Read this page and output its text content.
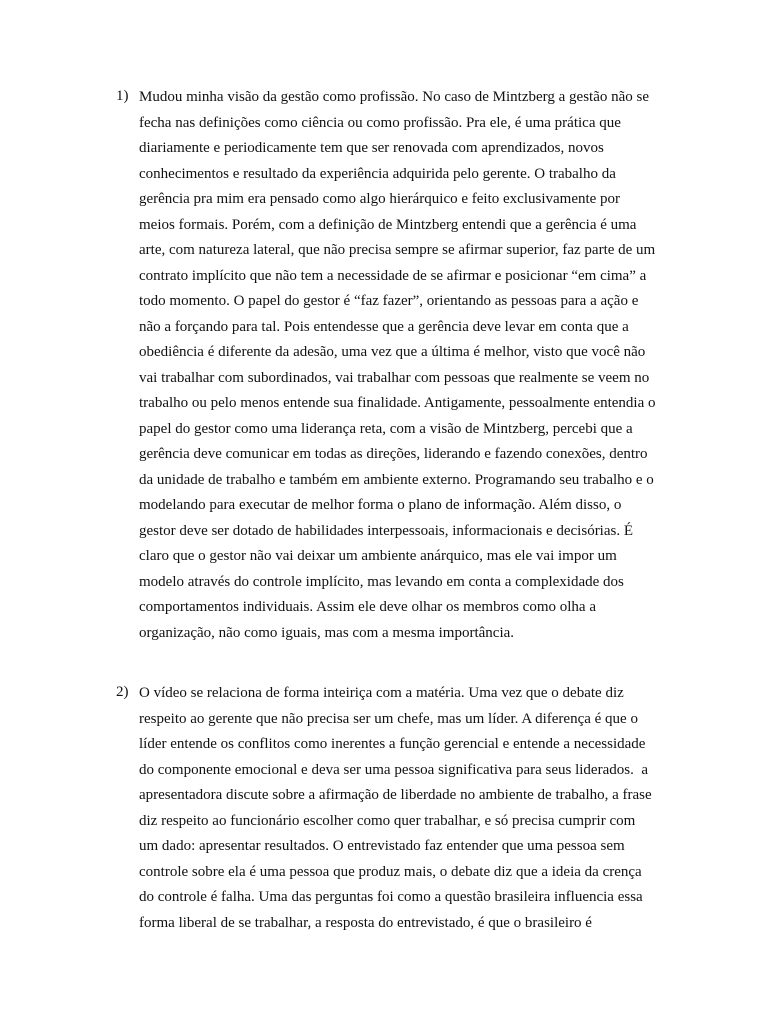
1) Mudou minha visão da gestão como profissão. No caso de Mintzberg a gestão não se
fecha nas definições como ciência ou como profissão. Pra ele, é uma prática que
diariamente e periodicamente tem que ser renovada com aprendizados, novos
conhecimentos e resultado da experiência adquirida pelo gerente. O trabalho da
gerência pra mim era pensado como algo hierárquico e feito exclusivamente por
meios formais. Porém, com a definição de Mintzberg entendi que a gerência é uma
arte, com natureza lateral, que não precisa sempre se afirmar superior, faz parte de um
contrato implícito que não tem a necessidade de se afirmar e posicionar “em cima” a
todo momento. O papel do gestor é “faz fazer”, orientando as pessoas para a ação e
não a forçando para tal. Pois entendesse que a gerência deve levar em conta que a
obediência é diferente da adesão, uma vez que a última é melhor, visto que você não
vai trabalhar com subordinados, vai trabalhar com pessoas que realmente se veem no
trabalho ou pelo menos entende sua finalidade. Antigamente, pessoalmente entendia o
papel do gestor como uma liderança reta, com a visão de Mintzberg, percebi que a
gerência deve comunicar em todas as direções, liderando e fazendo conexões, dentro
da unidade de trabalho e também em ambiente externo. Programando seu trabalho e o
modelando para executar de melhor forma o plano de informação. Além disso, o
gestor deve ser dotado de habilidades interpessoais, informacionais e decisórias. É
claro que o gestor não vai deixar um ambiente anárquico, mas ele vai impor um
modelo através do controle implícito, mas levando em conta a complexidade dos
comportamentos individuais. Assim ele deve olhar os membros como olha a
organização, não como iguais, mas com a mesma importância.
2) O vídeo se relaciona de forma inteiriça com a matéria. Uma vez que o debate diz
respeito ao gerente que não precisa ser um chefe, mas um líder. A diferença é que o
líder entende os conflitos como inerentes a função gerencial e entende a necessidade
do componente emocional e deva ser uma pessoa significativa para seus liderados.  a
apresentadora discute sobre a afirmação de liberdade no ambiente de trabalho, a frase
diz respeito ao funcionário escolher como quer trabalhar, e só precisa cumprir com
um dado: apresentar resultados. O entrevistado faz entender que uma pessoa sem
controle sobre ela é uma pessoa que produz mais, o debate diz que a ideia da crença
do controle é falha. Uma das perguntas foi como a questão brasileira influencia essa
forma liberal de se trabalhar, a resposta do entrevistado, é que o brasileiro é
